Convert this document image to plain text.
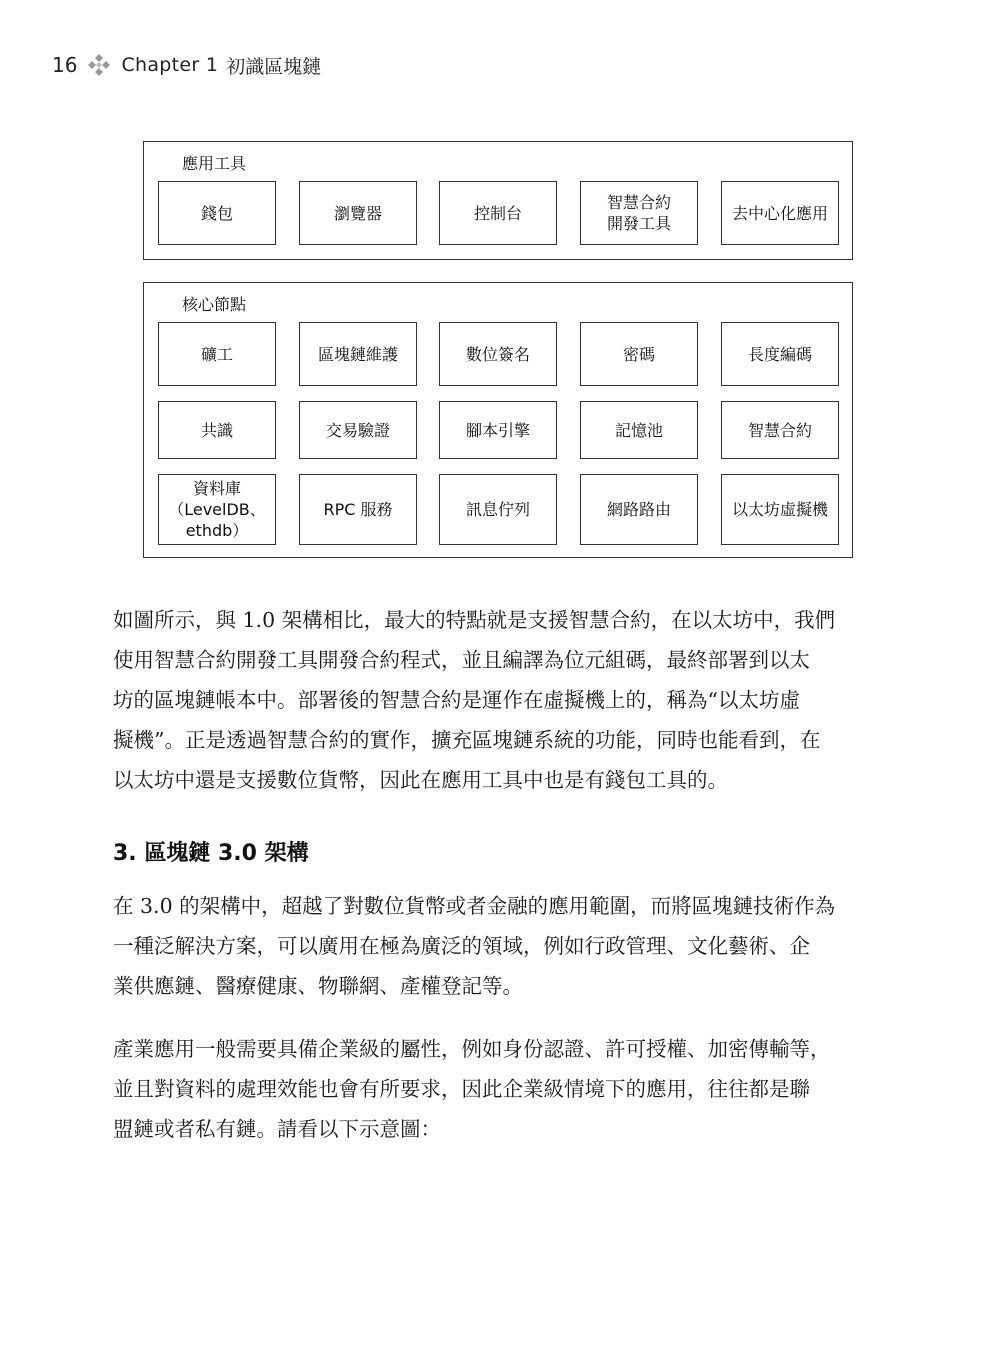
16 Chapter 1 初識區塊鏈
應用工具
錢包	瀏覽器	控制台
智慧合約
開發工具
去中心化應用
核心節點
礦工	區塊鏈維護	數位簽名	密碼	長度編碼
共識	交易驗證	腳本引擎	記憶池	智慧合約
資料庫
（LevelDB、
ethdb）
RPC 服務	訊息佇列	網路路由	以太坊虛擬機

如圖所示，與 1.0 架構相比，最大的特點就是支援智慧合約，在以太坊中，我們
使用智慧合約開發工具開發合約程式，並且編譯為位元組碼，最終部署到以太
坊的區塊鏈帳本中。部署後的智慧合約是運作在虛擬機上的，稱為“以太坊虛
擬機”。正是透過智慧合約的實作，擴充區塊鏈系統的功能，同時也能看到，在
以太坊中還是支援數位貨幣，因此在應用工具中也是有錢包工具的。

3. 區塊鏈 3.0 架構

在 3.0 的架構中，超越了對數位貨幣或者金融的應用範圍，而將區塊鏈技術作為
一種泛解決方案，可以廣用在極為廣泛的領域，例如行政管理、文化藝術、企
業供應鏈、醫療健康、物聯網、產權登記等。

產業應用一般需要具備企業級的屬性，例如身份認證、許可授權、加密傳輸等，
並且對資料的處理效能也會有所要求，因此企業級情境下的應用，往往都是聯
盟鏈或者私有鏈。請看以下示意圖：
